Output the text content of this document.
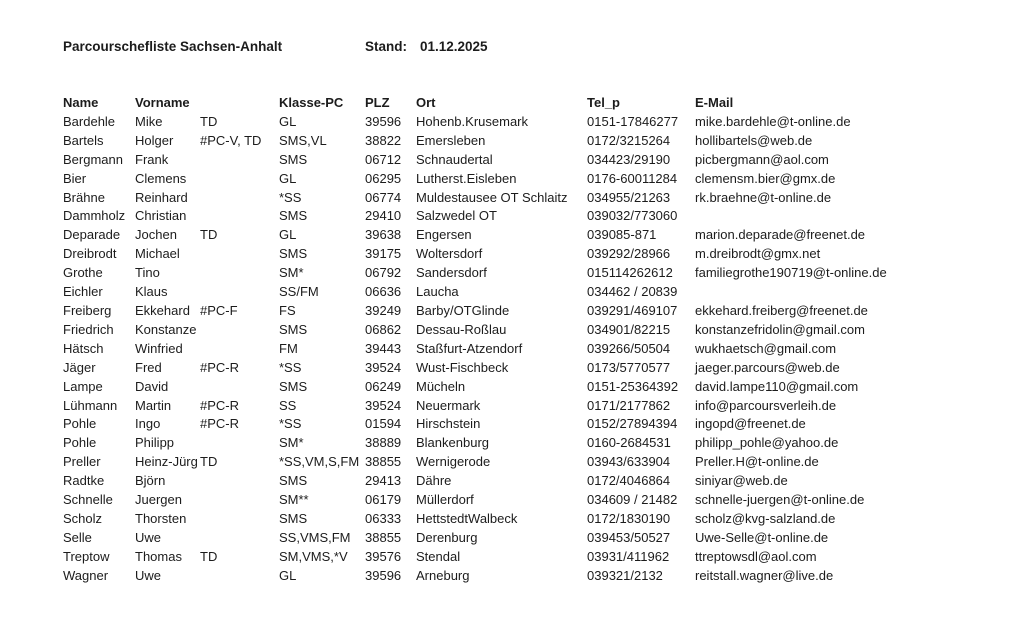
Parcourschefliste Sachsen-Anhalt	Stand: 01.12.2025
Name	Vorname		Klasse-PC	PLZ	Ort	Tel_p	E-Mail
Bardehle	Mike	TD	GL	39596	Hohenb.Krusemark	0151-17846277	mike.bardehle@t-online.de
Bartels	Holger	#PC-V, TD	SMS,VL	38822	Emersleben	0172/3215264	hollibartels@web.de
Bergmann	Frank		SMS	06712	Schnaudertal	034423/29190	picbergmann@aol.com
Bier	Clemens		GL	06295	Lutherst.Eisleben	0176-60011284	clemensm.bier@gmx.de
Brähne	Reinhard		*SS	06774	Muldestausee OT Schlaitz	034955/21263	rk.braehne@t-online.de
Dammholz	Christian		SMS	29410	Salzwedel OT	039032/773060	
Deparade	Jochen	TD	GL	39638	Engersen	039085-871	marion.deparade@freenet.de
Dreibrodt	Michael		SMS	39175	Woltersdorf	039292/28966	m.dreibrodt@gmx.net
Grothe	Tino		SM*	06792	Sandersdorf	015114262612	familiegrothe190719@t-online.de
Eichler	Klaus		SS/FM	06636	Laucha	034462 / 20839	
Freiberg	Ekkehard	#PC-F	FS	39249	Barby/OTGlinde	039291/469107	ekkehard.freiberg@freenet.de
Friedrich	Konstanze		SMS	06862	Dessau-Roßlau	034901/82215	konstanzefridolin@gmail.com
Hätsch	Winfried		FM	39443	Staßfurt-Atzendorf	039266/50504	wukhaetsch@gmail.com
Jäger	Fred	#PC-R	*SS	39524	Wust-Fischbeck	0173/5770577	jaeger.parcours@web.de
Lampe	David		SMS	06249	Mücheln	0151-25364392	david.lampe110@gmail.com
Lühmann	Martin	#PC-R	SS	39524	Neuermark	0171/2177862	info@parcoursverleih.de
Pohle	Ingo	#PC-R	*SS	01594	Hirschstein	0152/27894394	ingopd@freenet.de
Pohle	Philipp		SM*	38889	Blankenburg	0160-2684531	philipp_pohle@yahoo.de
Preller	Heinz-Jürg	TD	*SS,VM,S,FM	38855	Wernigerode	03943/633904	Preller.H@t-online.de
Radtke	Björn		SMS	29413	Dähre	0172/4046864	siniyar@web.de
Schnelle	Juergen		SM**	06179	Müllerdorf	034609 / 21482	schnelle-juergen@t-online.de
Scholz	Thorsten		SMS	06333	HettstedtWalbeck	0172/1830190	scholz@kvg-salzland.de
Selle	Uwe		SS,VMS,FM	38855	Derenburg	039453/50527	Uwe-Selle@t-online.de
Treptow	Thomas	TD	SM,VMS,*V	39576	Stendal	03931/411962	ttreptowsdl@aol.com
Wagner	Uwe		GL	39596	Arneburg	039321/2132	reitstall.wagner@live.de
